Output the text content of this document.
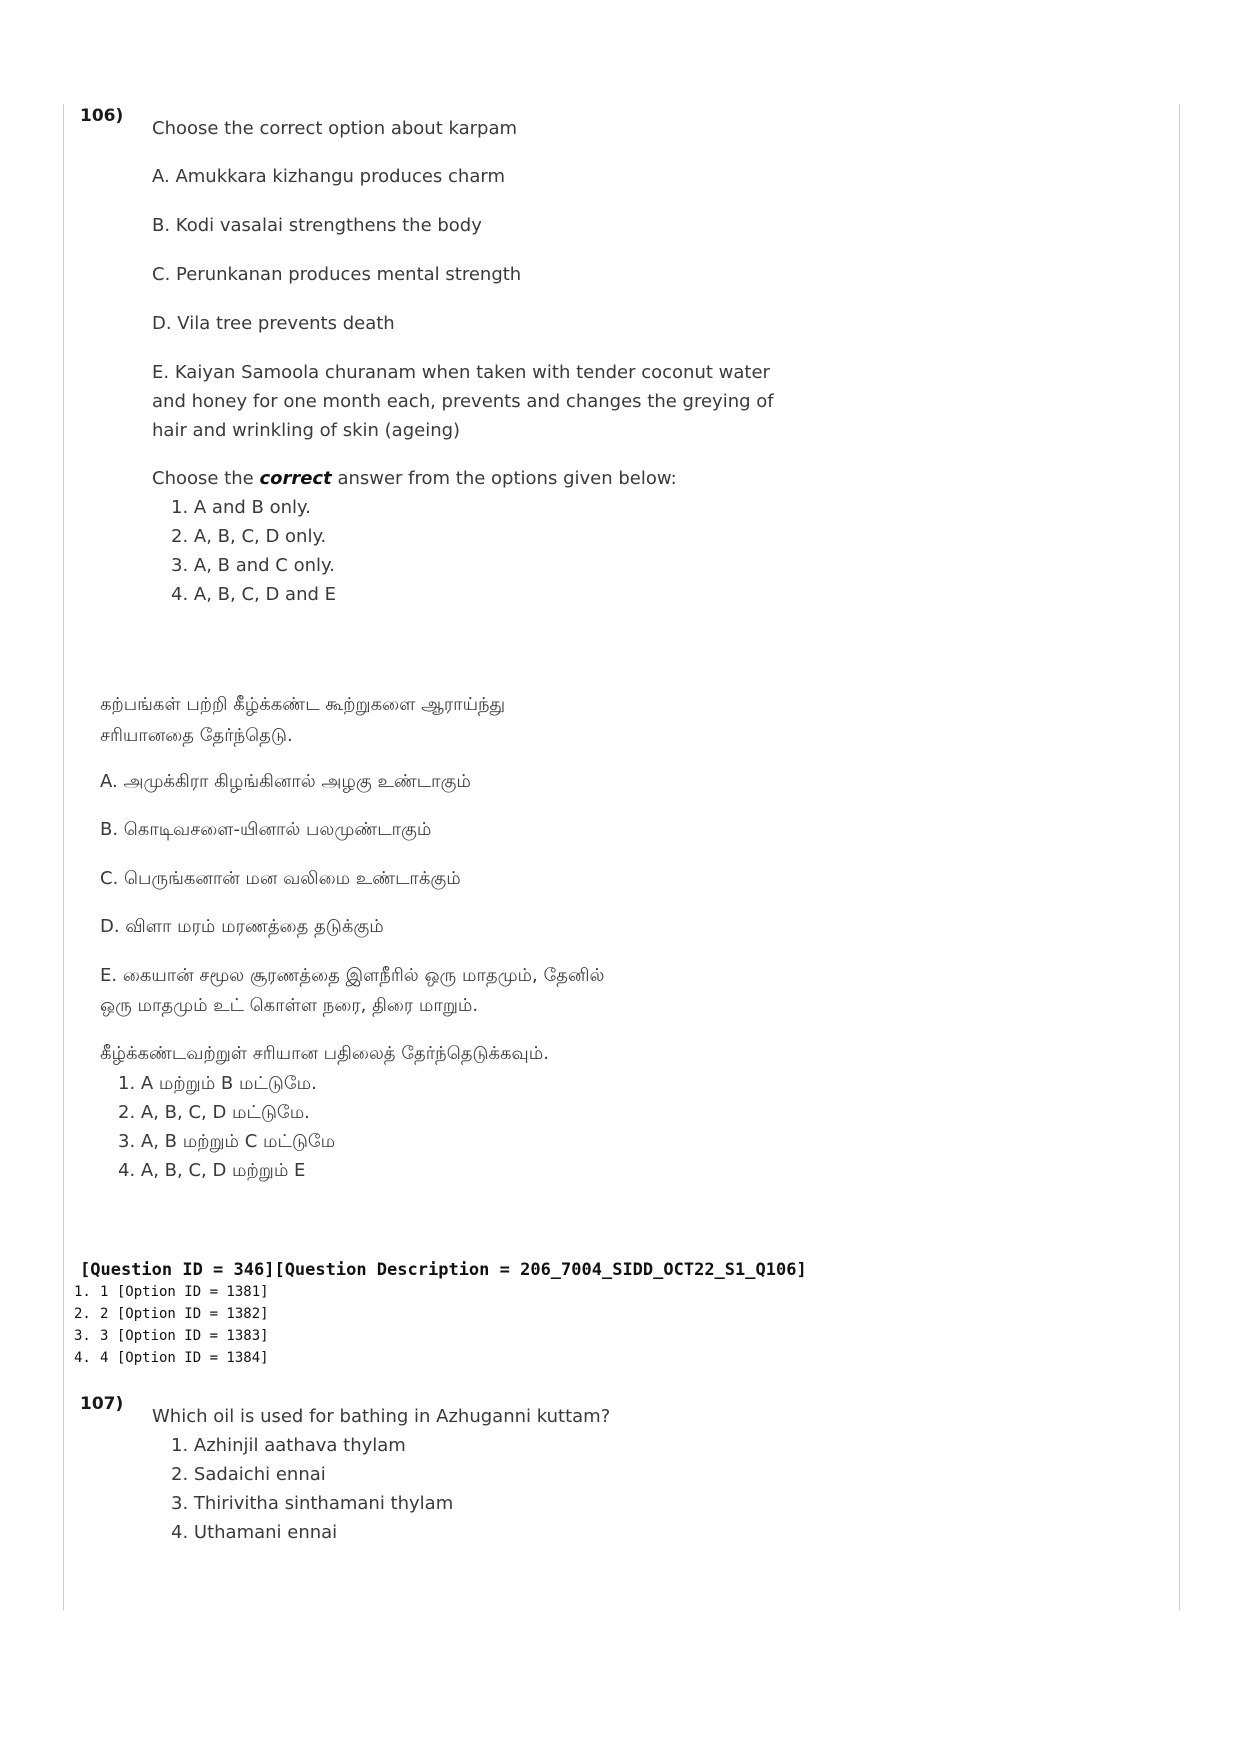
106)
Choose the correct option about karpam
A. Amukkara kizhangu produces charm
B. Kodi vasalai strengthens the body
C. Perunkanan produces mental strength
D. Vila tree prevents death
E. Kaiyan Samoola churanam when taken with tender coconut water
and honey for one month each, prevents and changes the greying of
hair and wrinkling of skin (ageing)
Choose the correct answer from the options given below:
1. A and B only.
2. A, B, C, D only.
3. A, B and C only.
4. A, B, C, D and E
கற்பங்கள் பற்றி கீழ்க்கண்ட கூற்றுகளை ஆராய்ந்து
சரியானதை தேர்ந்தெடு.
A. அமுக்கிரா கிழங்கினால் அழகு உண்டாகும்
B. கொடிவசளை-யினால் பலமுண்டாகும்
C. பெருங்கனான் மன வலிமை உண்டாக்கும்
D. விளா மரம் மரணத்தை தடுக்கும்
E. கையான் சமூல சூரணத்தை இளநீரில் ஒரு மாதமும், தேனில்
ஒரு மாதமும் உட் கொள்ள நரை, திரை மாறும்.
கீழ்க்கண்டவற்றுள் சரியான பதிலைத் தேர்ந்தெடுக்கவும்.
1. A மற்றும் B மட்டுமே.
2. A, B, C, D மட்டுமே.
3. A, B மற்றும் C மட்டுமே
4. A, B, C, D மற்றும் E
[Question ID = 346][Question Description = 206_7004_SIDD_OCT22_S1_Q106]
1. 1 [Option ID = 1381]
2. 2 [Option ID = 1382]
3. 3 [Option ID = 1383]
4. 4 [Option ID = 1384]
107)
Which oil is used for bathing in Azhuganni kuttam?
1. Azhinjil aathava thylam
2. Sadaichi ennai
3. Thirivitha sinthamani thylam
4. Uthamani ennai
